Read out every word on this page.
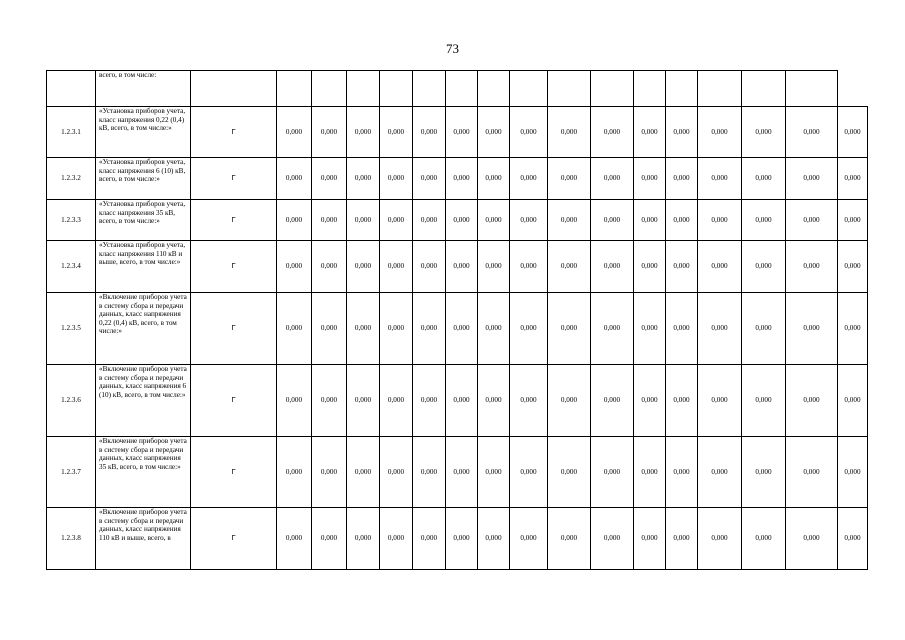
73
	всего, в том числе:																	
1.2.3.1	«Установка приборов учета, класс напряжения 0,22 (0,4) кВ, всего, в том числе:»	Г	0,000	0,000	0,000	0,000	0,000	0,000	0,000	0,000	0,000	0,000	0,000	0,000	0,000	0,000	0,000	0,000
1.2.3.2	«Установка приборов учета, класс напряжения 6 (10) кВ, всего, в том числе:»	Г	0,000	0,000	0,000	0,000	0,000	0,000	0,000	0,000	0,000	0,000	0,000	0,000	0,000	0,000	0,000	0,000
1.2.3.3	«Установка приборов учета, класс напряжения 35 кВ, всего, в том числе:»	Г	0,000	0,000	0,000	0,000	0,000	0,000	0,000	0,000	0,000	0,000	0,000	0,000	0,000	0,000	0,000	0,000
1.2.3.4	«Установка приборов учета, класс напряжения 110 кВ и выше, всего, в том числе:»	Г	0,000	0,000	0,000	0,000	0,000	0,000	0,000	0,000	0,000	0,000	0,000	0,000	0,000	0,000	0,000	0,000
1.2.3.5	«Включение приборов учета в систему сбора и передачи данных, класс напряжения 0,22 (0,4) кВ, всего, в том числе:»	Г	0,000	0,000	0,000	0,000	0,000	0,000	0,000	0,000	0,000	0,000	0,000	0,000	0,000	0,000	0,000	0,000
1.2.3.6	«Включение приборов учета в систему сбора и передачи данных, класс напряжения 6 (10) кВ, всего, в том числе:»	Г	0,000	0,000	0,000	0,000	0,000	0,000	0,000	0,000	0,000	0,000	0,000	0,000	0,000	0,000	0,000	0,000
1.2.3.7	«Включение приборов учета в систему сбора и передачи данных, класс напряжения 35 кВ, всего, в том числе:»	Г	0,000	0,000	0,000	0,000	0,000	0,000	0,000	0,000	0,000	0,000	0,000	0,000	0,000	0,000	0,000	0,000
1.2.3.8	«Включение приборов учета в систему сбора и передачи данных, класс напряжения 110 кВ и выше, всего, в	Г	0,000	0,000	0,000	0,000	0,000	0,000	0,000	0,000	0,000	0,000	0,000	0,000	0,000	0,000	0,000	0,000
